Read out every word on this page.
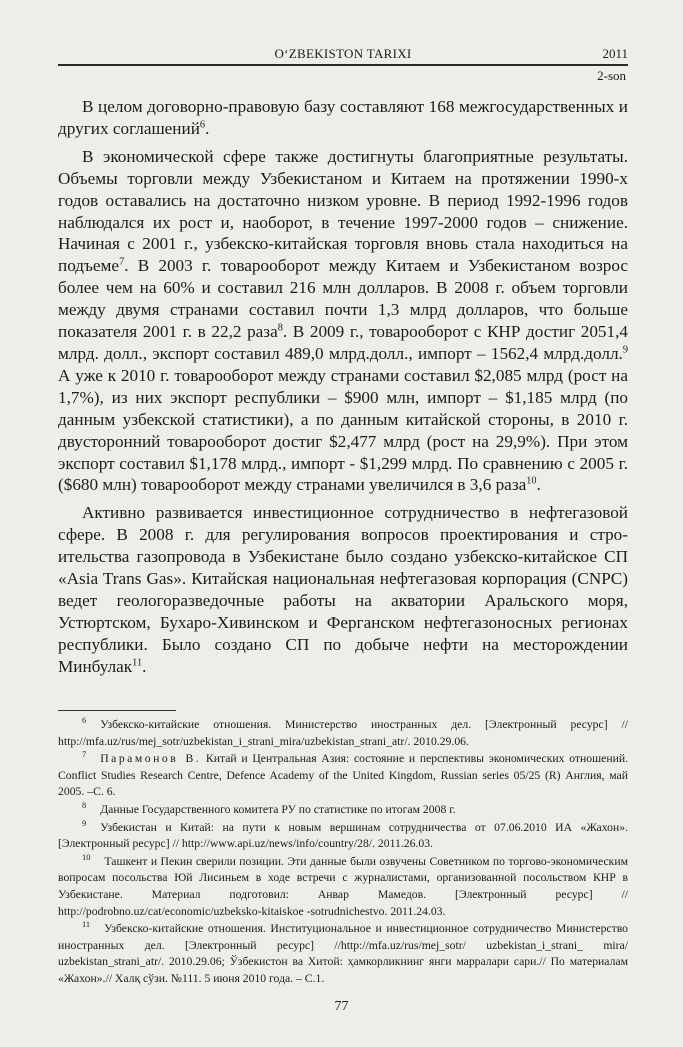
O‘ZBEKISTON TARIXI	2011
2-son

В целом договорно-правовую базу составляют 168 межгосударственных и других соглашений$^6$.

В экономической сфере также достигнуты благоприятные результаты. Объемы торговли между Узбекистаном и Китаем на протяжении 1990-х годов оставались на достаточно низком уровне. В период 1992-1996 годов наблюдался их рост и, наоборот, в течение 1997-2000 годов – снижение. Начиная с 2001 г., узбекско-китайская торговля вновь стала находиться на подъеме$^7$. В 2003 г. товарооборот между Китаем и Узбекистаном возрос более чем на 60% и составил 216 млн долларов. В 2008 г. объем торговли между двумя странами составил почти 1,3 млрд долларов, что больше показателя 2001 г. в 22,2 раза$^8$. В 2009 г., товарооборот с КНР достиг 2051,4 млрд. долл., экспорт составил 489,0 млрд.долл., импорт – 1562,4 млрд.долл.$^9$ А уже к 2010 г. товарооборот между странами составил $2,085 млрд (рост на 1,7%), из них экспорт республики – $900 млн, импорт – $1,185 млрд (по данным узбекской статистики), а по данным китайской стороны, в 2010 г. двусторонний товарооборот достиг $2,477 млрд (рост на 29,9%). При этом экспорт составил $1,178 млрд., импорт - $1,299 млрд. По сравнению с 2005 г. ($680 млн) товарооборот между странами увеличился в 3,6 раза$^{10}$.

Активно развивается инвестиционное сотрудничество в нефтегазовой сфере. В 2008 г. для регулирования вопросов проектирования и строительства газопровода в Узбекистане было создано узбекско-китайское СП «Asia Trans Gas». Китайская национальная нефтегазовая корпорация (CNPC) ведет геологоразведочные работы на акватории Аральского моря, Устюртском, Бухаро-Хивинском и Ферганском нефтегазоносных регионах республики. Было создано СП по добыче нефти на месторождении Минбулак$^{11}$.

$^6$ Узбекско-китайские отношения. Министерство иностранных дел. [Электронный ресурс] // http://mfa.uz/rus/mej_sotr/uzbekistan_i_strani_mira/uzbekistan_strani_atr/. 2010.29.06.

$^7$ Парамонов В. Китай и Центральная Азия: состояние и перспективы экономических отношений. Conflict Studies Research Centre, Defence Academy of the United Kingdom, Russian series 05/25 (R) Англия, май 2005. –С. 6.

$^8$ Данные Государственного комитета РУ по статистике по итогам 2008 г.

$^9$ Узбекистан и Китай: на пути к новым вершинам сотрудничества от 07.06.2010 ИА «Жахон». [Электронный ресурс] // http://www.api.uz/news/info/country/28/. 2011.26.03.

$^{10}$ Ташкент и Пекин сверили позиции. Эти данные были озвучены Советником по торгово-экономическим вопросам посольства Юй Лисиньем в ходе встречи с журналистами, организованной посольством КНР в Узбекистане. Материал подготовил: Анвар Мамедов. [Электронный ресурс] // http://podrobno.uz/cat/economic/uzbeksko-kitaiskoe -sotrudnichestvo. 2011.24.03.

$^{11}$ Узбекско-китайские отношения. Институциональное и инвестиционное сотрудничество Министерство иностранных дел. [Электронный ресурс] //http://mfa.uz/rus/mej_sotr/ uzbekistan_i_strani_ mira/ uzbekistan_strani_atr/. 2010.29.06; Ўзбекистон ва Хитой: ҳамкорликнинг янги марралари сари.// По материалам «Жахон».// Халқ сўзи. №111. 5 июня 2010 года. – С.1.

77
